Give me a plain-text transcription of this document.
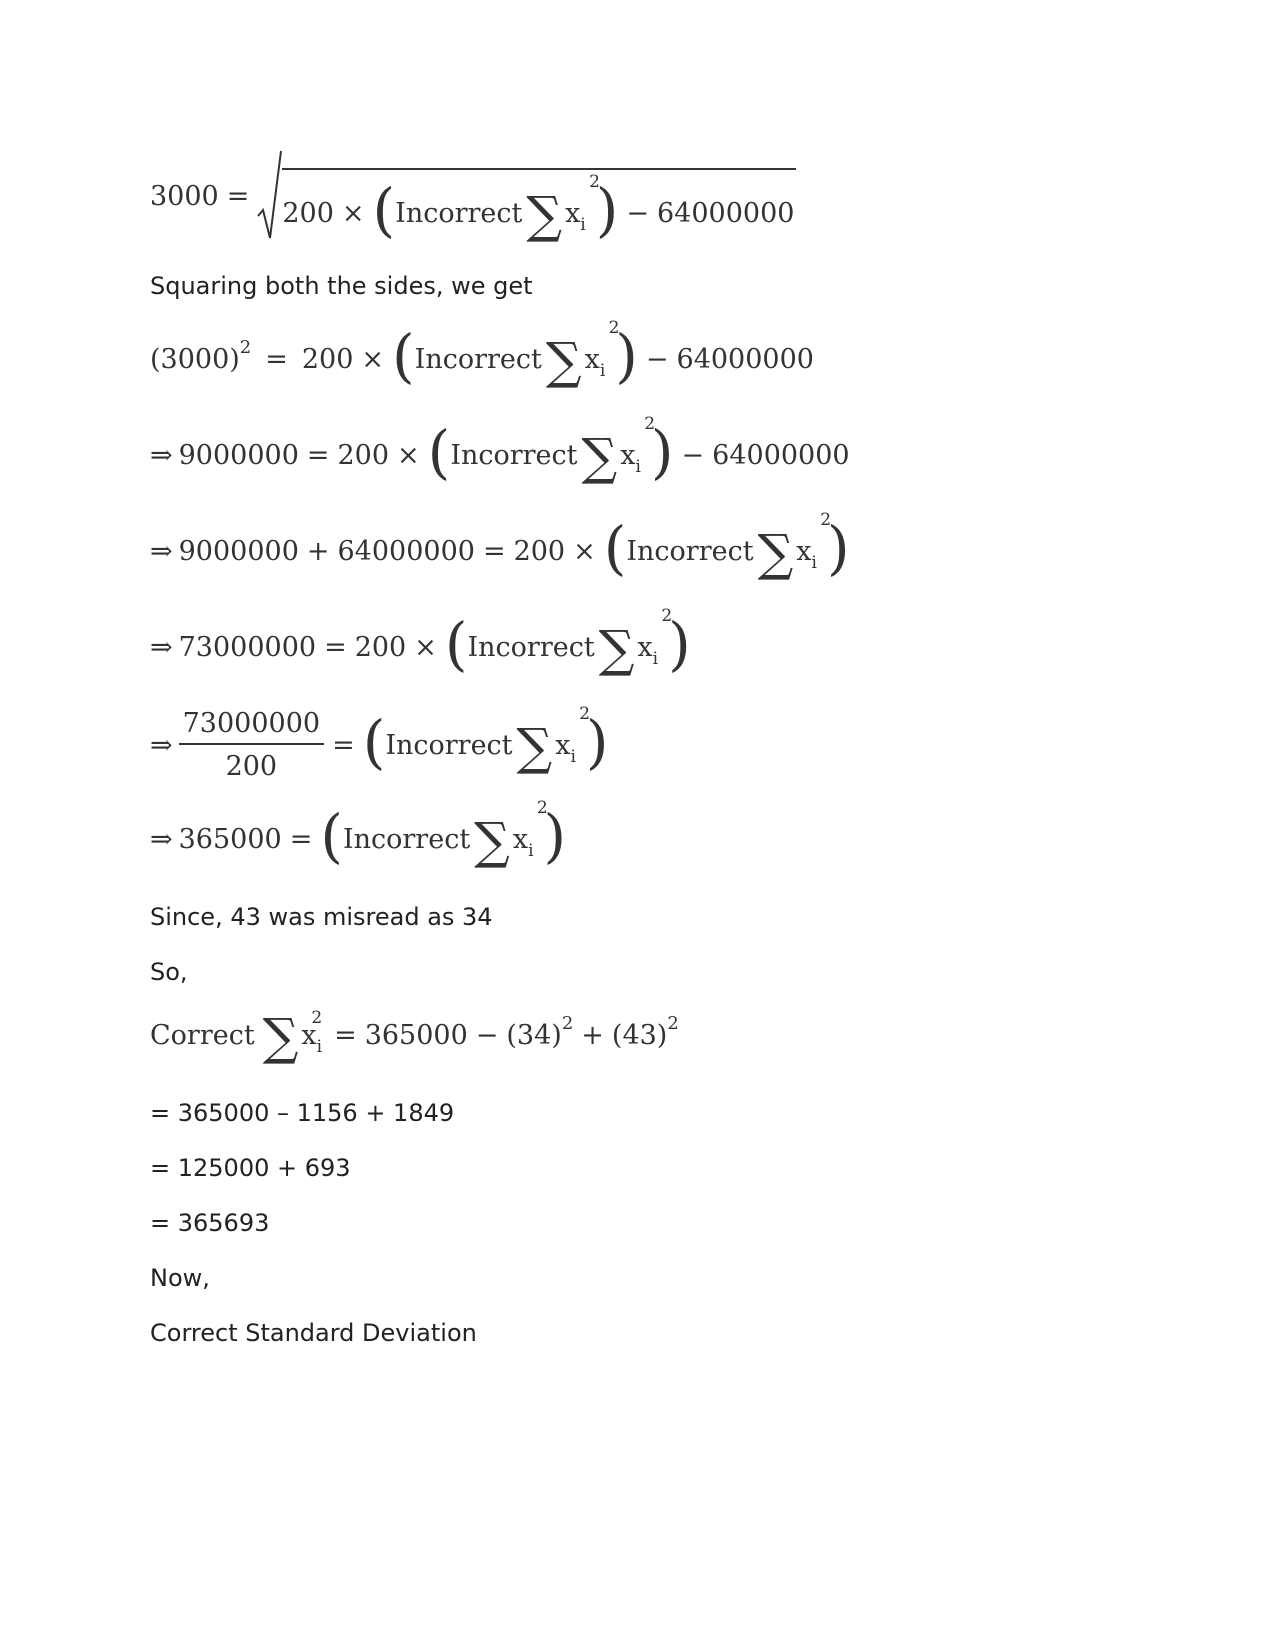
3000 =
200 × ( Incorrect ∑ $x_i$
2
) − 64000000
Squaring both the sides, we get
(3000) 2 = 200 × ( Incorrect ∑ $x_i$
2
) − 64000000
⇒ 9000000 = 200 × ( Incorrect ∑ $x_i$
2
) − 64000000
⇒ 9000000 + 64000000 = 200 × ( Incorrect ∑ $x_i$
2
)
⇒ 73000000 = 200 × ( Incorrect ∑ $x_i$
2
)
⇒ $\frac{73000000}{200}$ = ( Incorrect ∑ $x_i$
2
)
⇒ 365000 = ( Incorrect ∑ $x_i$
2
)
Since, 43 was misread as 34
So,
Correct ∑ $x_i$
2
= 365000 − (34) 2 + (43) 2
= 365000 – 1156 + 1849
= 125000 + 693
= 365693
Now,
Correct Standard Deviation
